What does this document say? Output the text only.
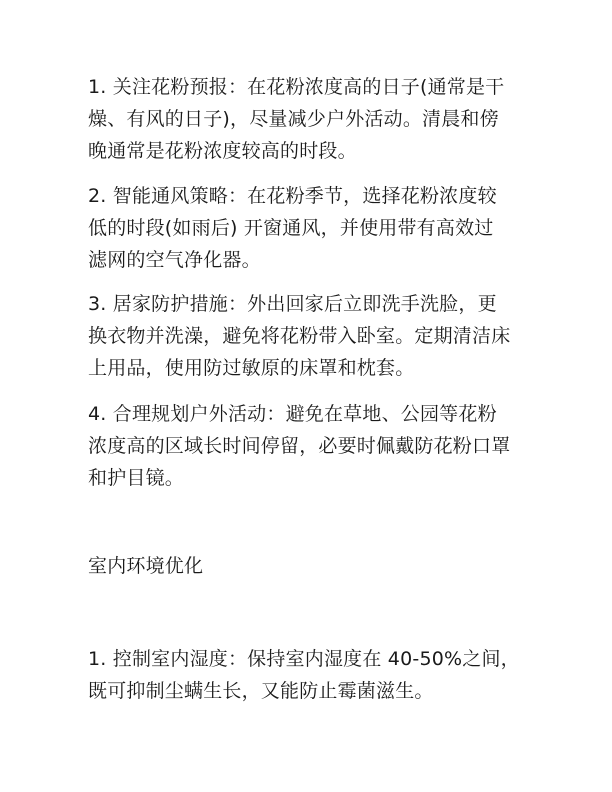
1. 关注花粉预报：在花粉浓度高的日子(通常是干
燥、有风的日子)，尽量减少户外活动。清晨和傍
晚通常是花粉浓度较高的时段。

2. 智能通风策略：在花粉季节，选择花粉浓度较
低的时段(如雨后) 开窗通风，并使用带有高效过
滤网的空气净化器。

3. 居家防护措施：外出回家后立即洗手洗脸，更
换衣物并洗澡，避免将花粉带入卧室。定期清洁床
上用品，使用防过敏原的床罩和枕套。

4. 合理规划户外活动：避免在草地、公园等花粉
浓度高的区域长时间停留，必要时佩戴防花粉口罩
和护目镜。

室内环境优化

1. 控制室内湿度：保持室内湿度在 40-50%之间，
既可抑制尘螨生长，又能防止霉菌滋生。
